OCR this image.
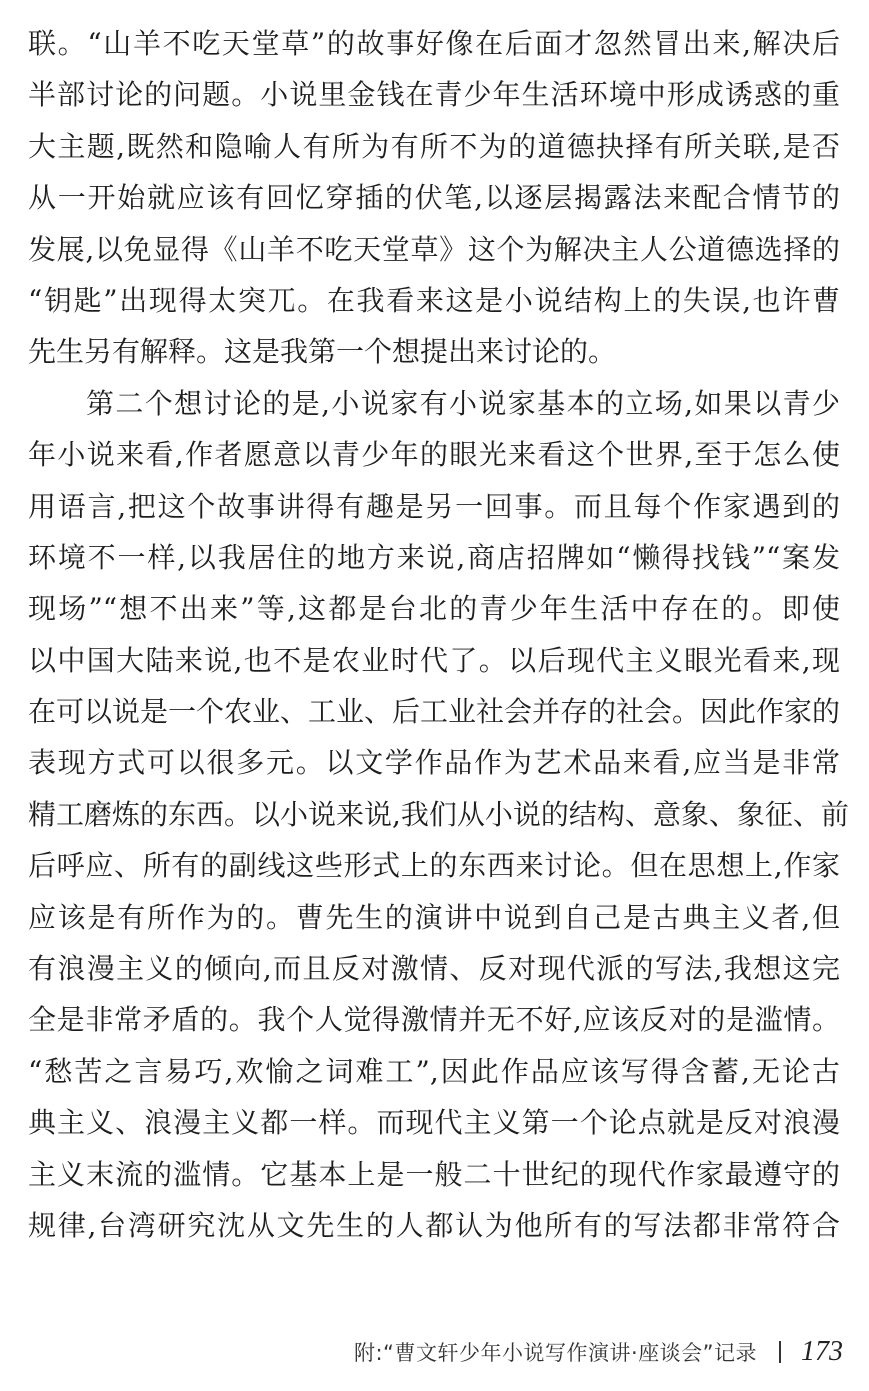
联。“山羊不吃天堂草”的故事好像在后面才忽然冒出来,解决后
半部讨论的问题。小说里金钱在青少年生活环境中形成诱惑的重
大主题,既然和隐喻人有所为有所不为的道德抉择有所关联,是否
从一开始就应该有回忆穿插的伏笔,以逐层揭露法来配合情节的
发展,以免显得《山羊不吃天堂草》这个为解决主人公道德选择的
“钥匙”出现得太突兀。在我看来这是小说结构上的失误,也许曹
先生另有解释。这是我第一个想提出来讨论的。
第二个想讨论的是,小说家有小说家基本的立场,如果以青少
年小说来看,作者愿意以青少年的眼光来看这个世界,至于怎么使
用语言,把这个故事讲得有趣是另一回事。而且每个作家遇到的
环境不一样,以我居住的地方来说,商店招牌如“懒得找钱”“案发
现场”“想不出来”等,这都是台北的青少年生活中存在的。即使
以中国大陆来说,也不是农业时代了。以后现代主义眼光看来,现
在可以说是一个农业、工业、后工业社会并存的社会。因此作家的
表现方式可以很多元。以文学作品作为艺术品来看,应当是非常
精工磨炼的东西。以小说来说,我们从小说的结构、意象、象征、前
后呼应、所有的副线这些形式上的东西来讨论。但在思想上,作家
应该是有所作为的。曹先生的演讲中说到自己是古典主义者,但
有浪漫主义的倾向,而且反对激情、反对现代派的写法,我想这完
全是非常矛盾的。我个人觉得激情并无不好,应该反对的是滥情。
“愁苦之言易巧,欢愉之词难工”,因此作品应该写得含蓄,无论古
典主义、浪漫主义都一样。而现代主义第一个论点就是反对浪漫
主义末流的滥情。它基本上是一般二十世纪的现代作家最遵守的
规律,台湾研究沈从文先生的人都认为他所有的写法都非常符合
附:“曹文轩少年小说写作演讲·座谈会”记录 173
